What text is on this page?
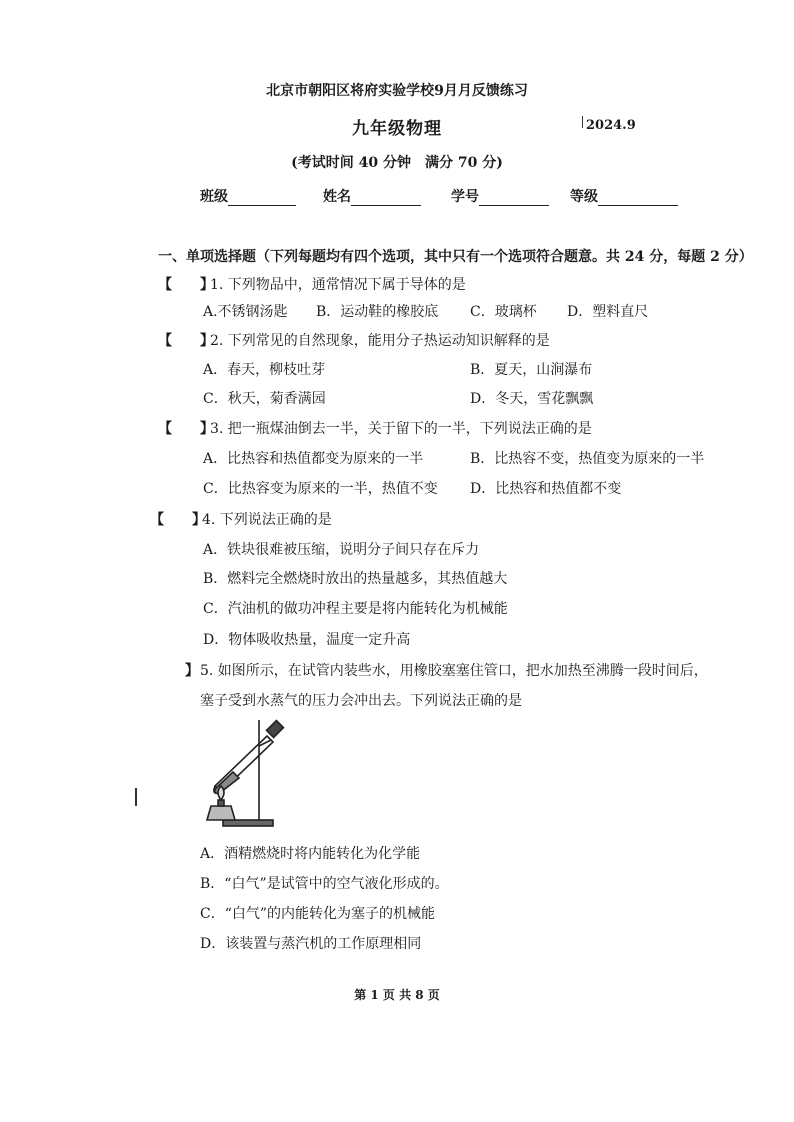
北京市朝阳区将府实验学校9月月反馈练习
九年级物理	2024.9
(考试时间 40 分钟　满分 70 分)
班级	姓名	学号	等级
一、单项选择题（下列每题均有四个选项，其中只有一个选项符合题意。共 24 分，每题 2 分）
【　　】
1. 下列物品中，通常情况下属于导体的是
A.不锈钢汤匙 B．运动鞋的橡胶底 C．玻璃杯 D．塑料直尺
【　　】
2. 下列常见的自然现象，能用分子热运动知识解释的是
A．春天，柳枝吐芽	B．夏天，山涧瀑布
C．秋天，菊香满园	D．冬天，雪花飘飘
【　　】
3. 把一瓶煤油倒去一半，关于留下的一半，下列说法正确的是
A．比热容和热值都变为原来的一半	B．比热容不变，热值变为原来的一半
C．比热容变为原来的一半，热值不变 D．比热容和热值都不变
【　　】
4. 下列说法正确的是
A．铁块很难被压缩，说明分子间只存在斥力
B．燃料完全燃烧时放出的热量越多，其热值越大
C．汽油机的做功冲程主要是将内能转化为机械能
D．物体吸收热量，温度一定升高
】 5. 如图所示，在试管内装些水，用橡胶塞塞住管口，把水加热至沸腾一段时间后，
塞子受到水蒸气的压力会冲出去。下列说法正确的是
A．酒精燃烧时将内能转化为化学能
B．“白气”是试管中的空气液化形成的。
C．“白气”的内能转化为塞子的机械能
D．该装置与蒸汽机的工作原理相同
第 1 页 共 8 页
